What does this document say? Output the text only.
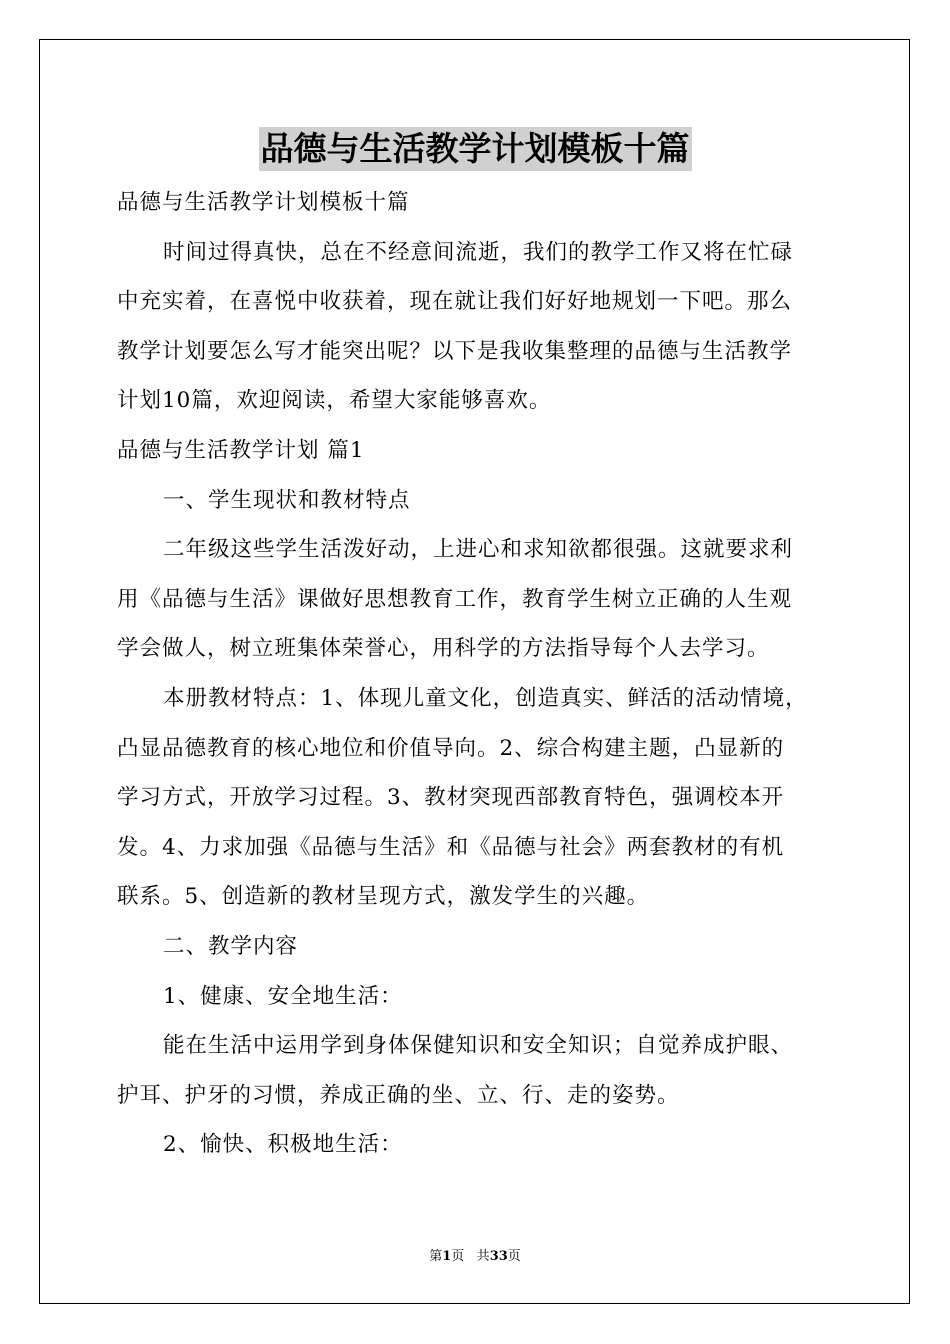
品德与生活教学计划模板十篇
品德与生活教学计划模板十篇
时间过得真快，总在不经意间流逝，我们的教学工作又将在忙碌
中充实着，在喜悦中收获着，现在就让我们好好地规划一下吧。那么
教学计划要怎么写才能突出呢？以下是我收集整理的品德与生活教学
计划10篇，欢迎阅读，希望大家能够喜欢。
品德与生活教学计划 篇1
一、学生现状和教材特点
二年级这些学生活泼好动，上进心和求知欲都很强。这就要求利
用《品德与生活》课做好思想教育工作，教育学生树立正确的人生观
学会做人，树立班集体荣誉心，用科学的方法指导每个人去学习。
本册教材特点：1、体现儿童文化，创造真实、鲜活的活动情境，
凸显品德教育的核心地位和价值导向。2、综合构建主题，凸显新的
学习方式，开放学习过程。3、教材突现西部教育特色，强调校本开
发。4、力求加强《品德与生活》和《品德与社会》两套教材的有机
联系。5、创造新的教材呈现方式，激发学生的兴趣。
二、教学内容
1、健康、安全地生活：
能在生活中运用学到身体保健知识和安全知识；自觉养成护眼、
护耳、护牙的习惯，养成正确的坐、立、行、走的姿势。
2、愉快、积极地生活：
第1页 共33页
